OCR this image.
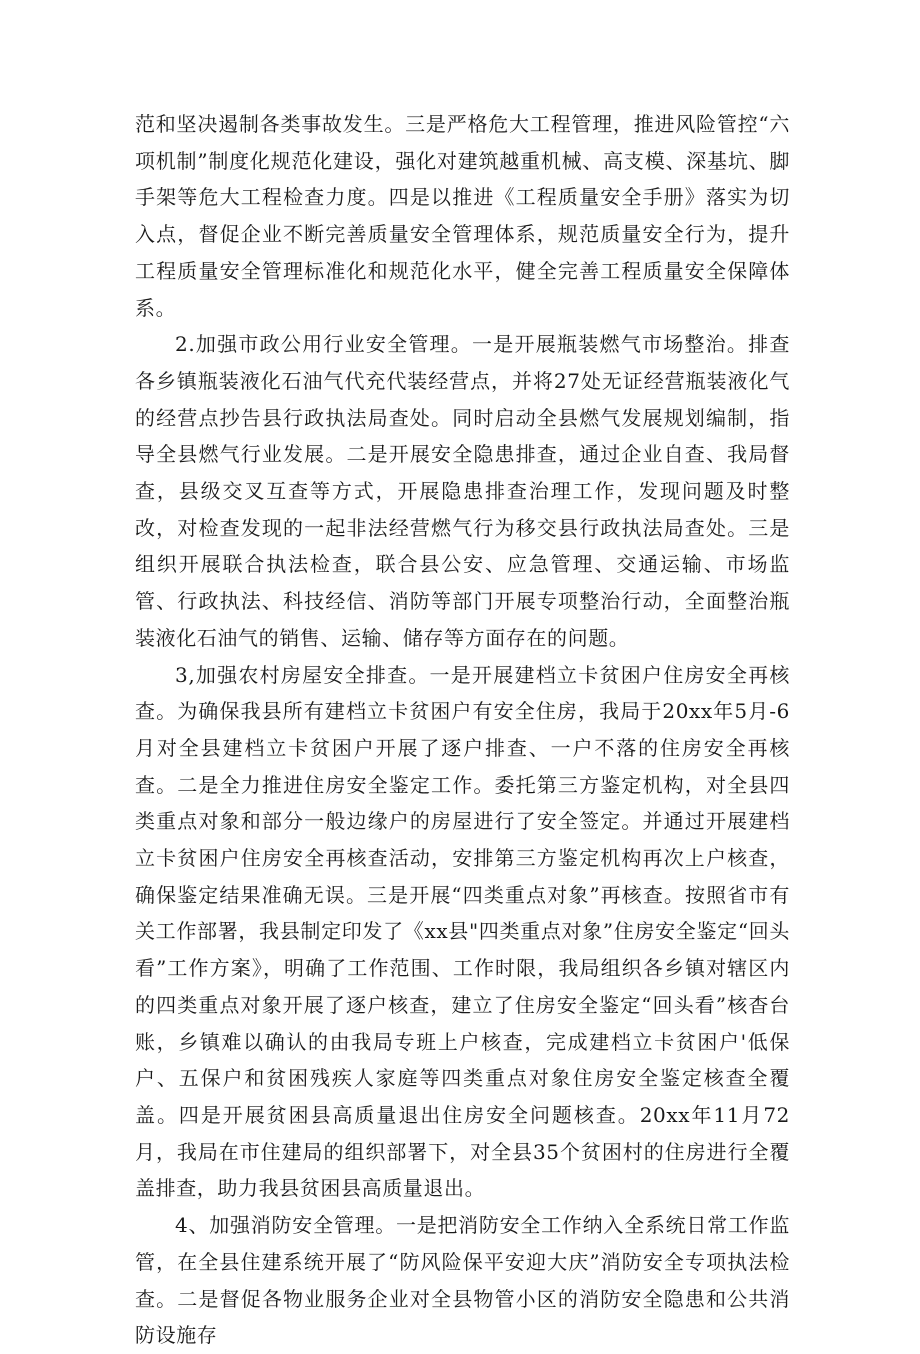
范和坚决遏制各类事故发生。三是严格危大工程管理，推进风险管控“六项机制”制度化规范化建设，强化对建筑越重机械、高支模、深基坑、脚手架等危大工程检查力度。四是以推进《工程质量安全手册》落实为切入点，督促企业不断完善质量安全管理体系，规范质量安全行为，提升工程质量安全管理标准化和规范化水平，健全完善工程质量安全保障体系。

2.加强市政公用行业安全管理。一是开展瓶装燃气市场整治。排查各乡镇瓶装液化石油气代充代装经营点，并将27处无证经营瓶装液化气的经营点抄告县行政执法局查处。同时启动全县燃气发展规划编制，指导全县燃气行业发展。二是开展安全隐患排查，通过企业自查、我局督查，县级交叉互查等方式，开展隐患排查治理工作，发现问题及时整改，对检查发现的一起非法经营燃气行为移交县行政执法局查处。三是组织开展联合执法检查，联合县公安、应急管理、交通运输、市场监管、行政执法、科技经信、消防等部门开展专项整治行动，全面整治瓶装液化石油气的销售、运输、储存等方面存在的问题。

3,加强农村房屋安全排查。一是开展建档立卡贫困户住房安全再核查。为确保我县所有建档立卡贫困户有安全住房，我局于20xx年5月-6月对全县建档立卡贫困户开展了逐户排查、一户不落的住房安全再核查。二是全力推进住房安全鉴定工作。委托第三方鉴定机构，对全县四类重点对象和部分一般边缘户的房屋进行了安全签定。并通过开展建档立卡贫困户住房安全再核查活动，安排第三方鉴定机构再次上户核查，确保鉴定结果准确无误。三是开展“四类重点对象”再核查。按照省市有关工作部署，我县制定印发了《xx县"四类重点对象”住房安全鉴定“回头看”工作方案》，明确了工作范围、工作时限，我局组织各乡镇对辖区内的四类重点对象开展了逐户核查，建立了住房安全鉴定“回头看”核杳台账，乡镇难以确认的由我局专班上户核查，完成建档立卡贫困户'低保户、五保户和贫困残疾人家庭等四类重点对象住房安全鉴定核查全覆盖。四是开展贫困县高质量退出住房安全问题核查。20xx年11月72月，我局在市住建局的组织部署下，对全县35个贫困村的住房进行全覆盖排查，助力我县贫困县高质量退出。

4、加强消防安全管理。一是把消防安全工作纳入全系统日常工作监管，在全县住建系统开展了“防风险保平安迎大庆”消防安全专项执法检查。二是督促各物业服务企业对全县物管小区的消防安全隐患和公共消防设施存
